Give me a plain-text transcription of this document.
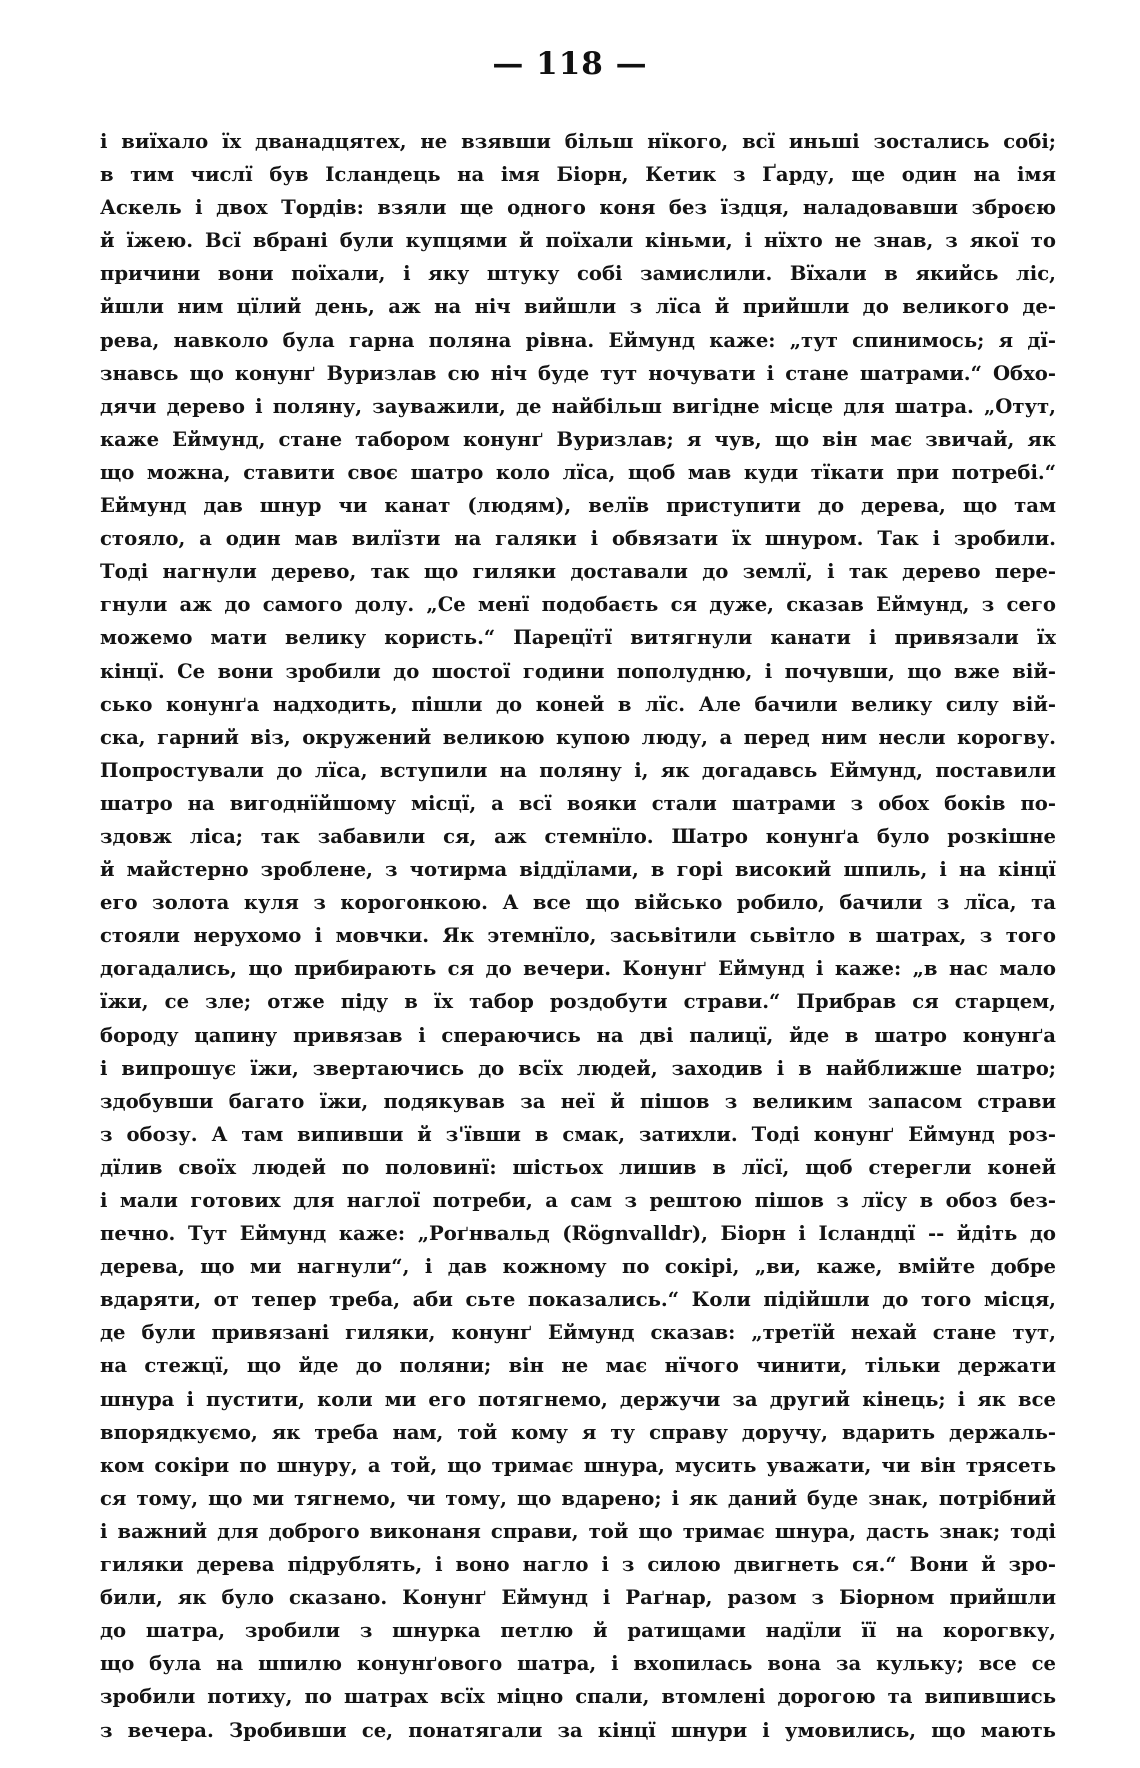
— 118 —
і виїхало їх дванадцятех, не взявши більш нїкого, всї иньші зостались собі;
в тим числї був Ісландець на імя Біорн, Кетик з Ґарду, ще один на імя
Аскель і двох Тордів: взяли ще одного коня без їздця, наладовавши зброєю
й їжею. Всї вбрані були купцями й поїхали кіньми, і нїхто не знав, з якої то
причини вони поїхали, і яку штуку собі замислили. Вїхали в якийсь ліс,
йшли ним цїлий день, аж на ніч вийшли з лїса й прийшли до великого де-
рева, навколо була гарна поляна рівна. Еймунд каже: „тут спинимось; я дї-
знавсь що конунґ Вуризлав сю ніч буде тут ночувати і стане шатрами.“ Обхо-
дячи дерево і поляну, зауважили, де найбільш вигідне місце для шатра. „Отут,
каже Еймунд, стане табором конунґ Вуризлав; я чув, що він має звичай, як
що можна, ставити своє шатро коло лїса, щоб мав куди тїкати при потребі.“
Еймунд дав шнур чи канат (людям), велїв приступити до дерева, що там
стояло, а один мав вилїзти на галяки і обвязати їх шнуром. Так і зробили.
Тоді нагнули дерево, так що гиляки доставали до землї, і так дерево пере-
гнули аж до самого долу. „Се менї подобаєть ся дуже, сказав Еймунд, з сего
можемо мати велику користь.“ Парецїтї витягнули канати і привязали їх
кінцї. Се вони зробили до шостої години пополудню, і почувши, що вже вій-
сько конунґа надходить, пішли до коней в лїс. Але бачили велику силу вій-
ска, гарний віз, окружений великою купою люду, а перед ним несли корогву.
Попростували до лїса, вступили на поляну і, як догадавсь Еймунд, поставили
шатро на вигоднїйшому місцї, а всї вояки стали шатрами з обох боків по-
здовж ліса; так забавили ся, аж стемнїло. Шатро конунґа було розкішне
й майстерно зроблене, з чотирма віддїлами, в горі високий шпиль, і на кінцї
его золота куля з корогонкою. А все що військо робило, бачили з лїса, та
стояли нерухомо і мовчки. Як этемнїло, засьвітили сьвітло в шатрах, з того
догадались, що прибирають ся до вечери. Конунґ Еймунд і каже: „в нас мало
їжи, се зле; отже піду в їх табор роздобути страви.“ Прибрав ся старцем,
бороду цапину привязав і спераючись на дві палицї, йде в шатро конунґа
і випрошує їжи, звертаючись до всїх людей, заходив і в найближше шатро;
здобувши багато їжи, подякував за неї й пішов з великим запасом страви
з обозу. А там випивши й з'ївши в смак, затихли. Тоді конунґ Еймунд роз-
дїлив своїх людей по половинї: шістьох лишив в лїсї, щоб стерегли коней
і мали готових для наглої потреби, а сам з рештою пішов з лїсу в обоз без-
печно. Тут Еймунд каже: „Роґнвальд (Rögnvalldr), Біорн і Ісландцї -- йдіть до
дерева, що ми нагнули“, і дав кожному по сокірі, „ви, каже, вмійте добре
вдаряти, от тепер треба, аби сьте показались.“ Коли підійшли до того місця,
де були привязані гиляки, конунґ Еймунд сказав: „третїй нехай стане тут,
на стежцї, що йде до поляни; він не має нїчого чинити, тільки держати
шнура і пустити, коли ми его потягнемо, держучи за другий кінець; і як все
впорядкуємо, як треба нам, той кому я ту справу доручу, вдарить держаль-
ком сокіри по шнуру, а той, що тримає шнура, мусить уважати, чи він трясеть
ся тому, що ми тягнемо, чи тому, що вдарено; і як даний буде знак, потрібний
і важний для доброго виконаня справи, той що тримає шнура, дасть знак; тоді
гиляки дерева підрублять, і воно нагло і з силою двигнеть ся.“ Вони й зро-
били, як було сказано. Конунґ Еймунд і Раґнар, разом з Біорном прийшли
до шатра, зробили з шнурка петлю й ратищами надїли її на корогвку,
що була на шпилю конунґового шатра, і вхопилась вона за кульку; все се
зробили потиху, по шатрах всїх міцно спали, втомлені дорогою та випившись
з вечера. Зробивши се, понатягали за кінцї шнури і умовились, що мають
